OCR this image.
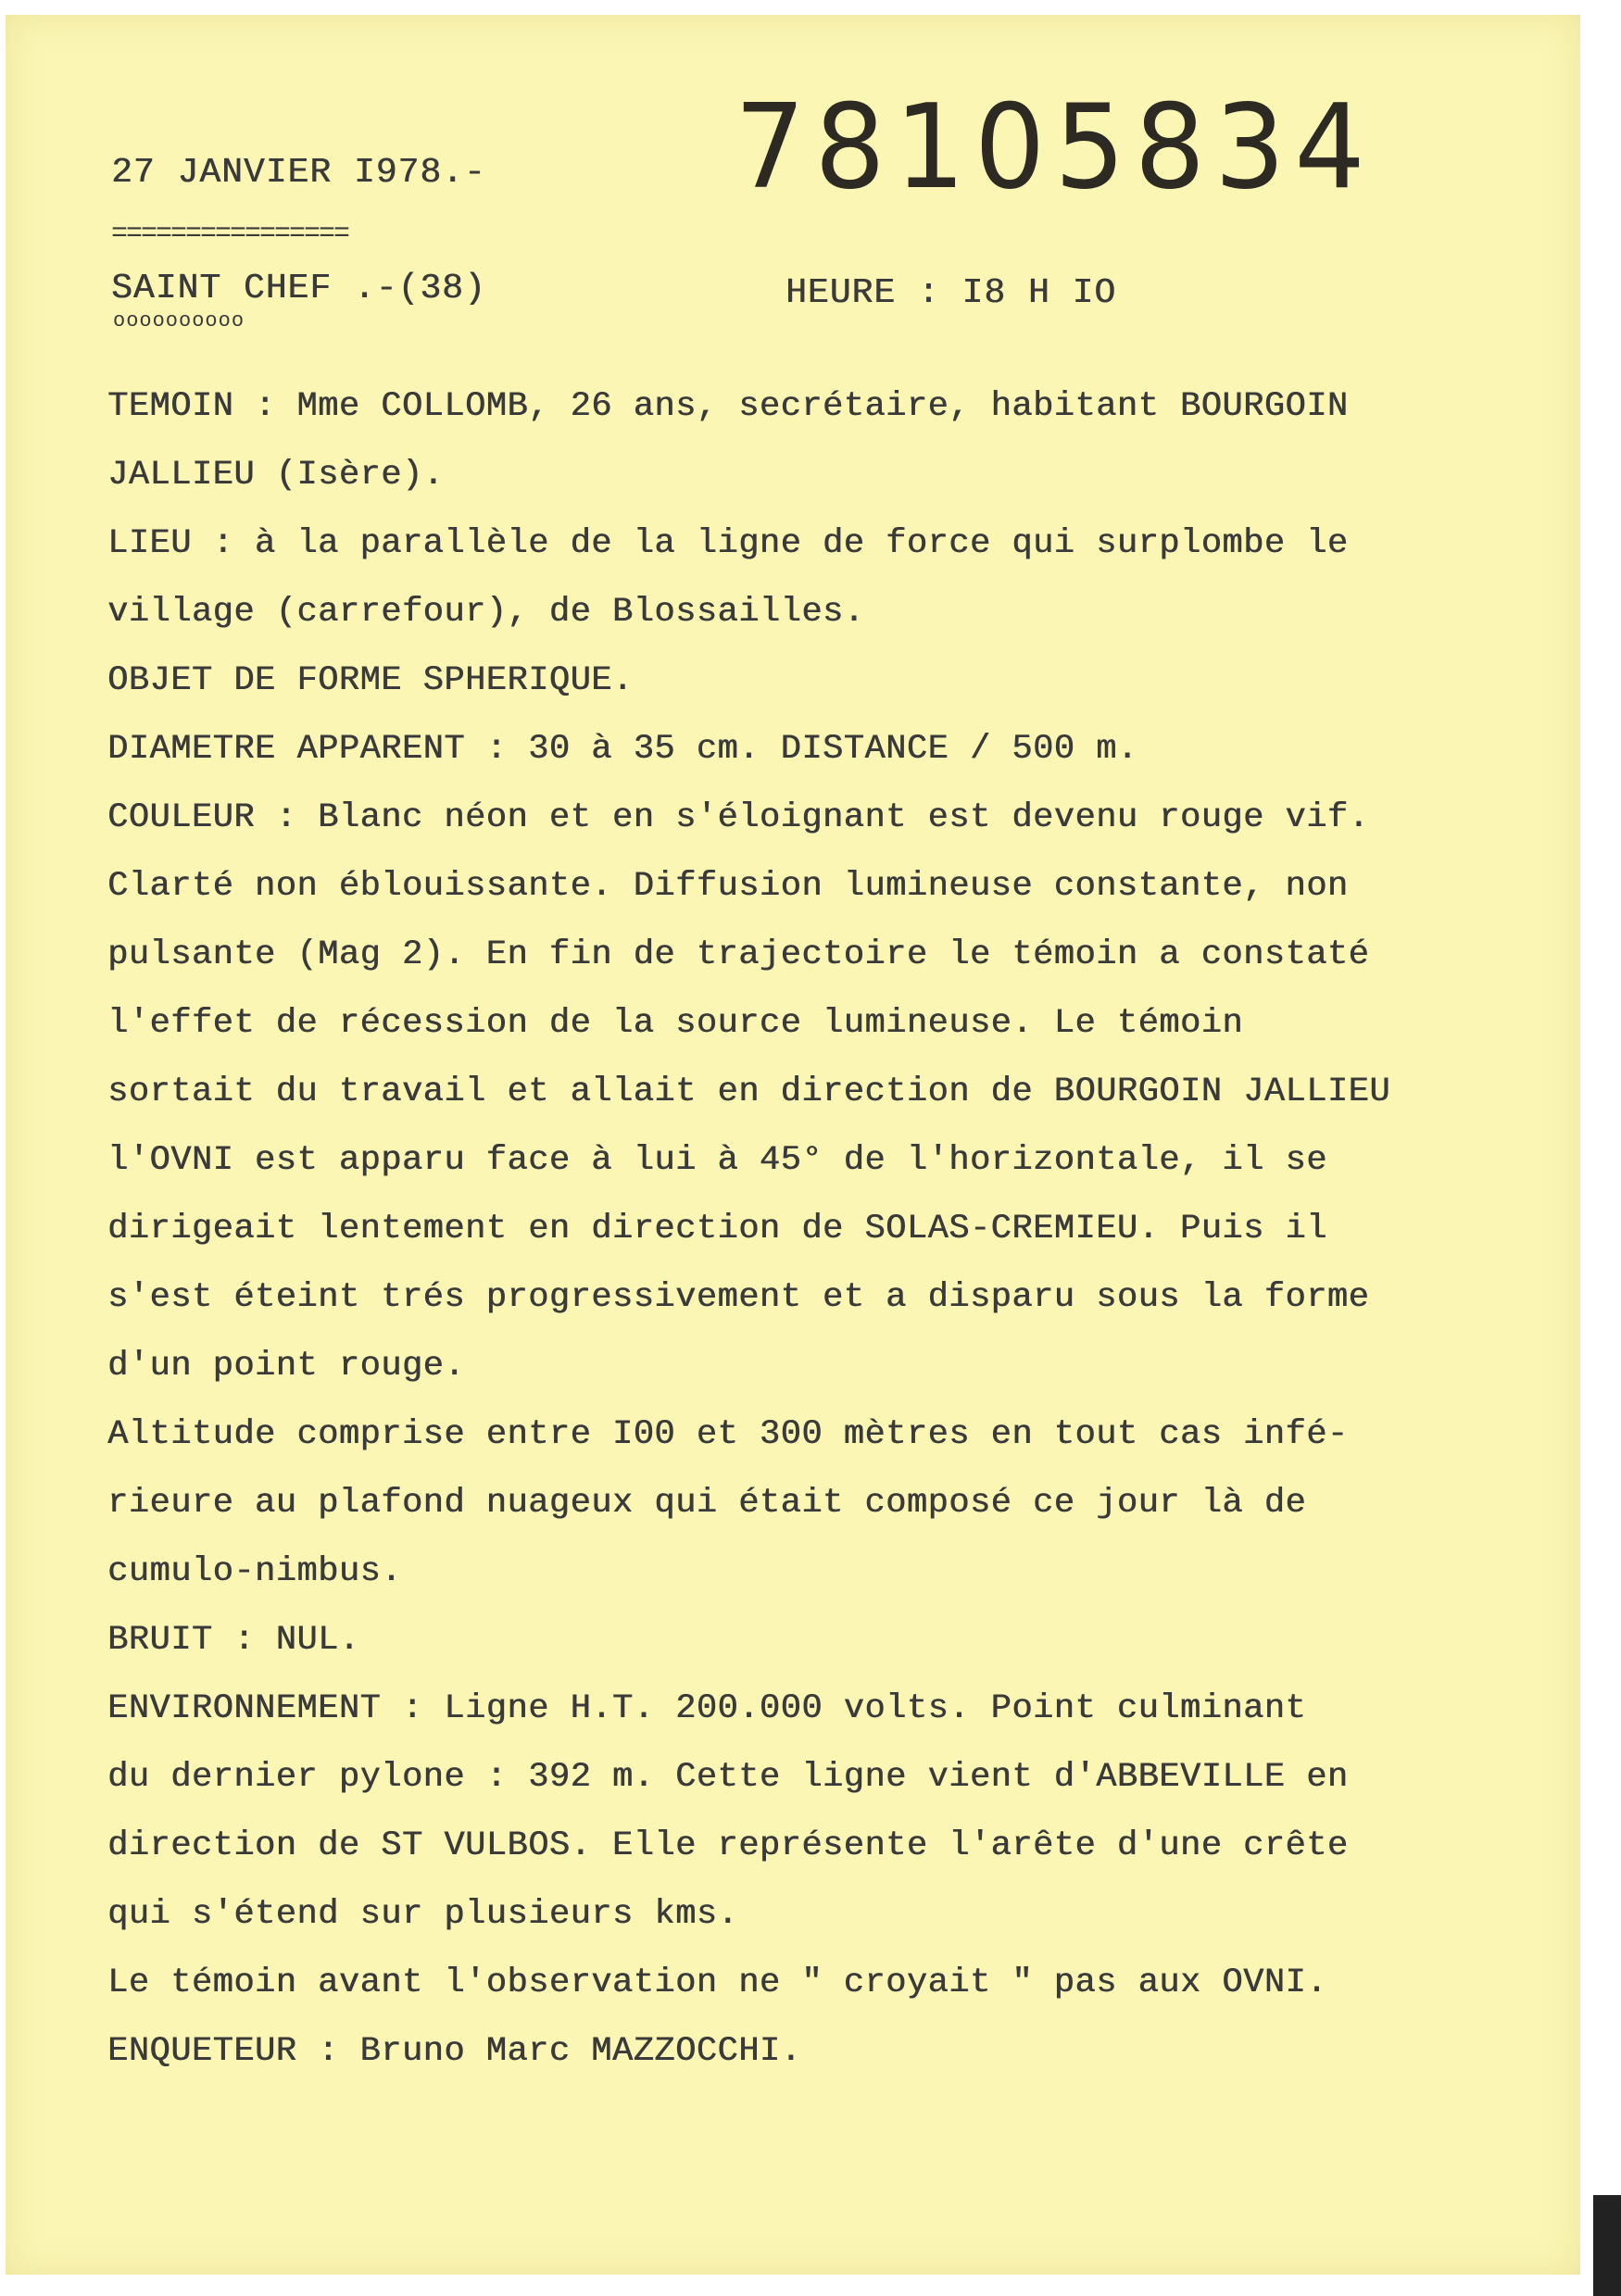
27 JANVIER I978.-
================
78105834
SAINT CHEF .-(38)
oooooooooo
HEURE : I8 H IO
TEMOIN : Mme COLLOMB, 26 ans, secrétaire, habitant BOURGOIN
JALLIEU (Isère).
LIEU : à la parallèle de la ligne de force qui surplombe le
village (carrefour), de Blossailles.
OBJET DE FORME SPHERIQUE.
DIAMETRE APPARENT : 30 à 35 cm. DISTANCE / 500 m.
COULEUR : Blanc néon et en s'éloignant est devenu rouge vif.
Clarté non éblouissante. Diffusion lumineuse constante, non
pulsante (Mag 2). En fin de trajectoire le témoin a constaté
l'effet de récession de la source lumineuse. Le témoin
sortait du travail et allait en direction de BOURGOIN JALLIEU
l'OVNI est apparu face à lui à 45° de l'horizontale, il se
dirigeait lentement en direction de SOLAS-CREMIEU. Puis il
s'est éteint trés progressivement et a disparu sous la forme
d'un point rouge.
Altitude comprise entre I00 et 300 mètres en tout cas infé-
rieure au plafond nuageux qui était composé ce jour là de
cumulo-nimbus.
BRUIT : NUL.
ENVIRONNEMENT : Ligne H.T. 200.000 volts. Point culminant
du dernier pylone : 392 m. Cette ligne vient d'ABBEVILLE en
direction de ST VULBOS. Elle représente l'arête d'une crête
qui s'étend sur plusieurs kms.
Le témoin avant l'observation ne " croyait " pas aux OVNI.
ENQUETEUR : Bruno Marc MAZZOCCHI.
